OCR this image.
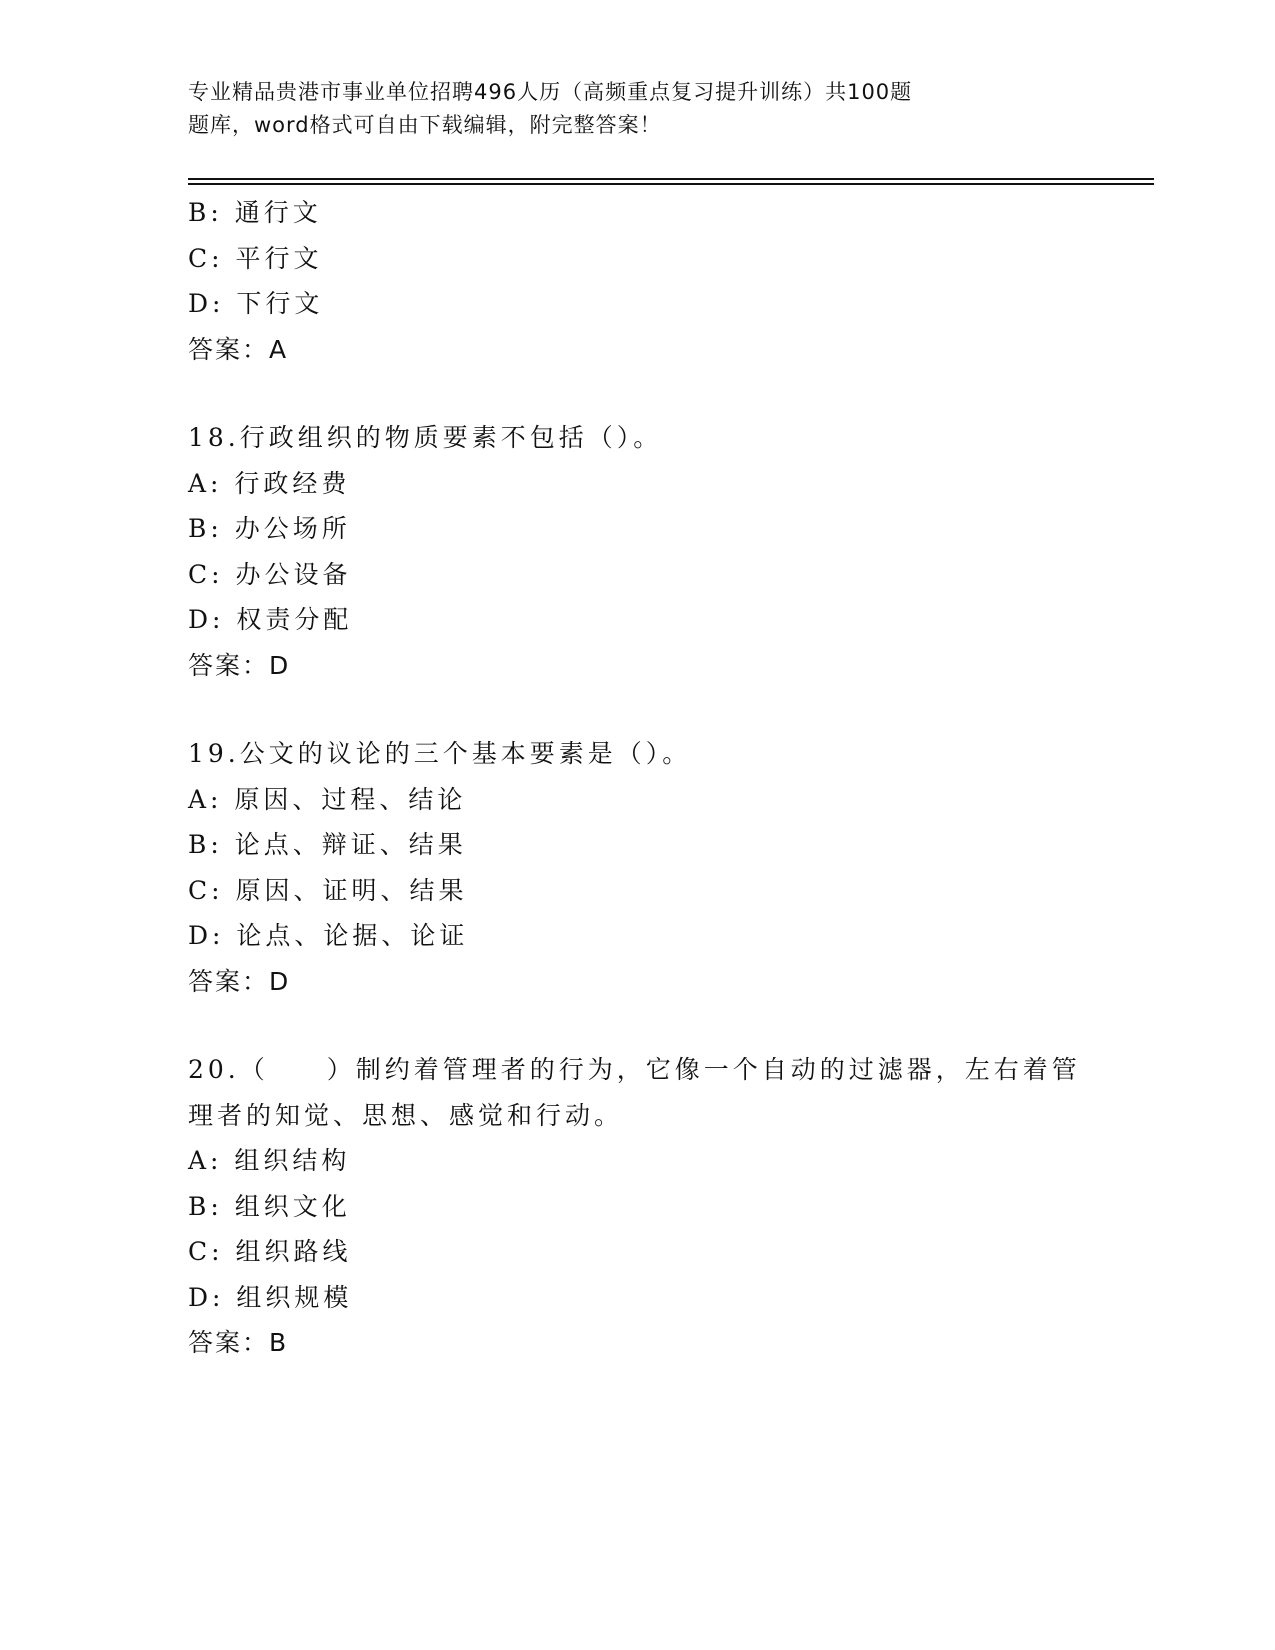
专业精品贵港市事业单位招聘496人历（高频重点复习提升训练）共100题
题库，word格式可自由下载编辑，附完整答案！
B: 通行文
C: 平行文
D: 下行文
答案：A
18.行政组织的物质要素不包括（）。
A: 行政经费
B: 办公场所
C: 办公设备
D: 权责分配
答案：D
19.公文的议论的三个基本要素是（）。
A: 原因、过程、结论
B: 论点、辩证、结果
C: 原因、证明、结果
D: 论点、论据、论证
答案：D
20.（　　）制约着管理者的行为，它像一个自动的过滤器，左右着管
理者的知觉、思想、感觉和行动。
A: 组织结构
B: 组织文化
C: 组织路线
D: 组织规模
答案：B
